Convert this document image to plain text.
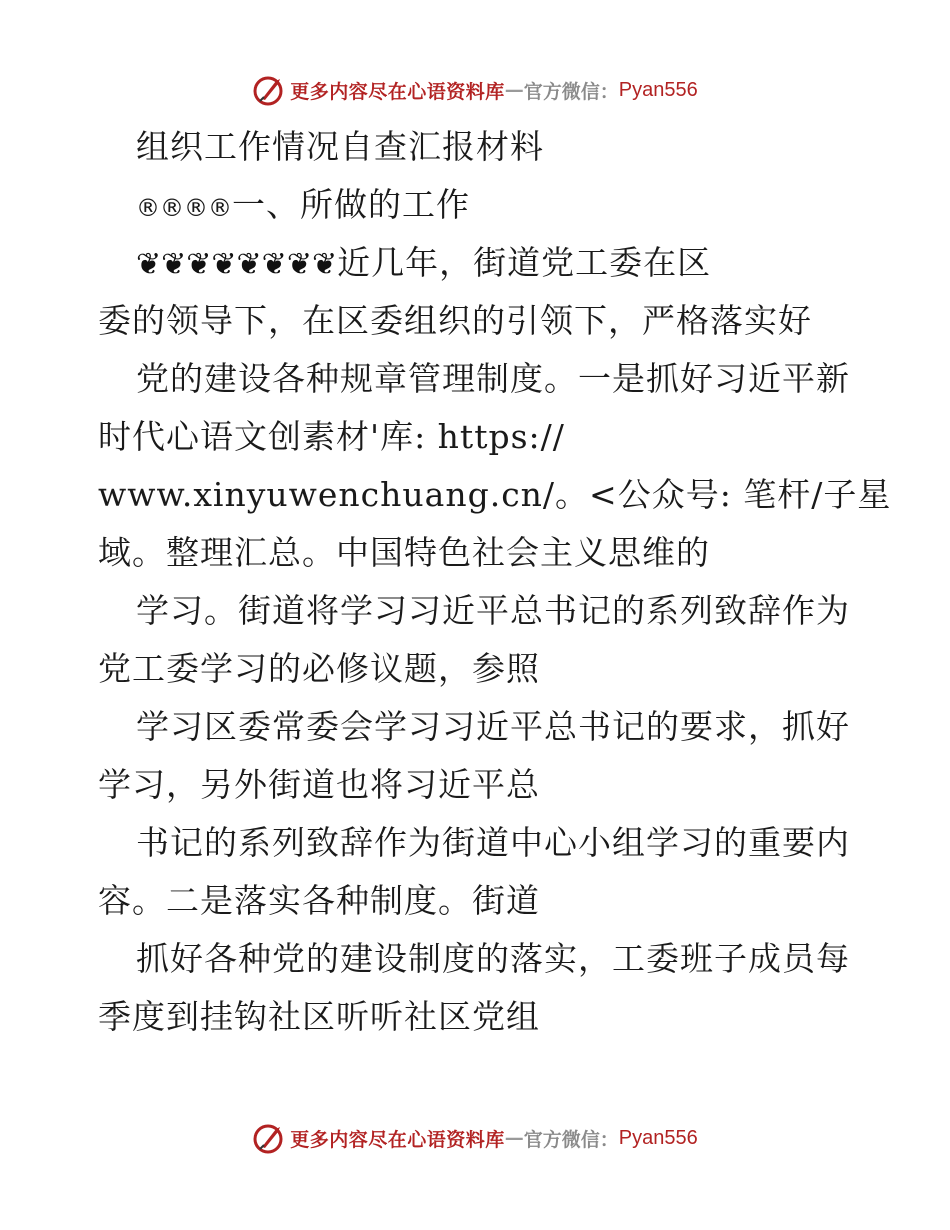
更多内容尽在心语资料库 — 官方微信： Pyan556
组织工作情况自查汇报材料
®®®®一、所做的工作
❦❦❦❦❦❦❦❦近几年，街道党工委在区
委的领导下，在区委组织的引领下，严格落实好
党的建设各种规章管理制度。一是抓好习近平新
时代心语文创素材'库: https://
www.xinyuwenchuang.cn/。<公众号: 笔杆/子星
域。整理汇总。中国特色社会主义思维的
学习。街道将学习习近平总书记的系列致辞作为
党工委学习的必修议题，参照
学习区委常委会学习习近平总书记的要求，抓好
学习，另外街道也将习近平总
书记的系列致辞作为街道中心小组学习的重要内
容。二是落实各种制度。街道
抓好各种党的建设制度的落实，工委班子成员每
季度到挂钩社区听听社区党组
更多内容尽在心语资料库 — 官方微信： Pyan556
